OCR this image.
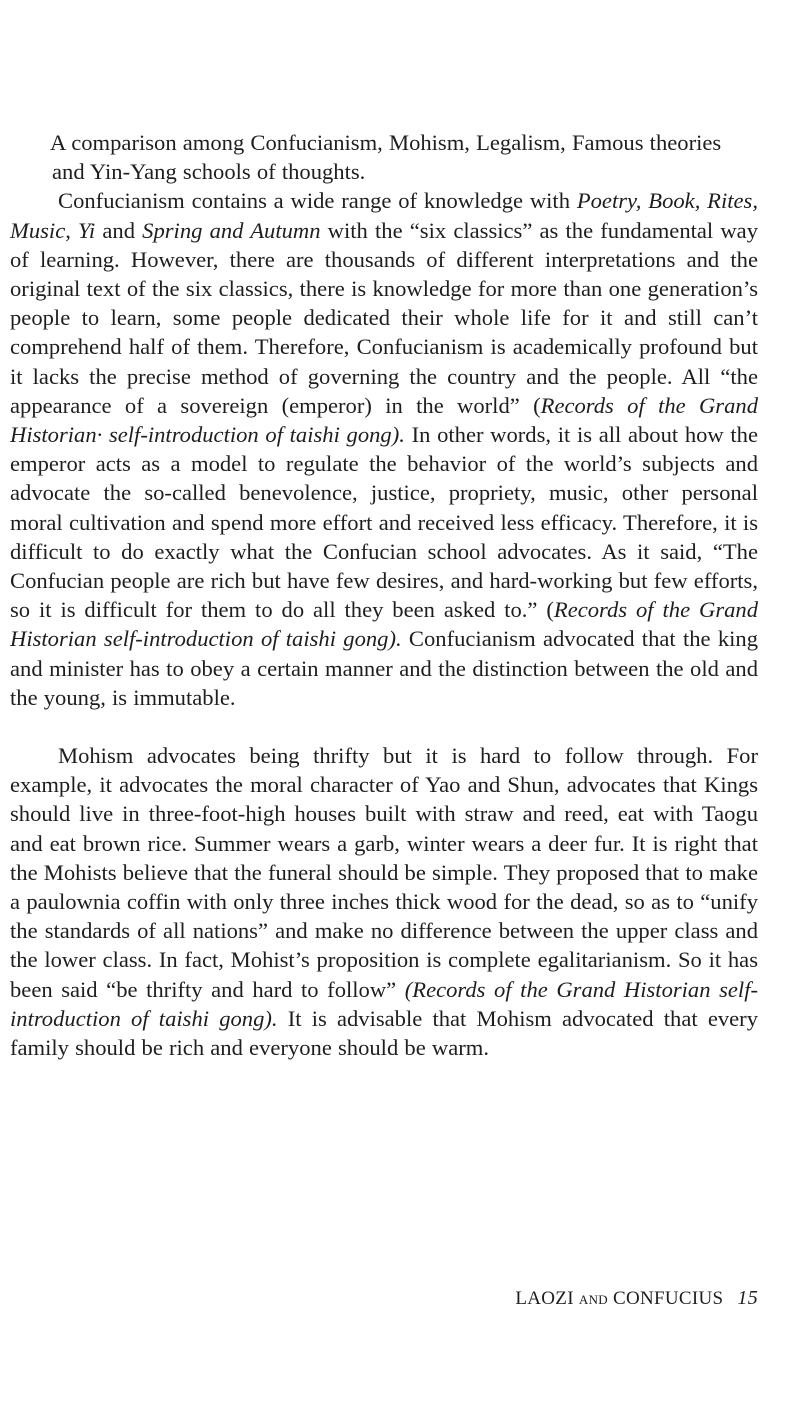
A comparison among Confucianism, Mohism, Legalism, Famous theories and Yin-Yang schools of thoughts.

Confucianism contains a wide range of knowledge with Poetry, Book, Rites, Music, Yi and Spring and Autumn with the “six classics” as the fundamental way of learning. However, there are thousands of different interpretations and the original text of the six classics, there is knowledge for more than one generation’s people to learn, some people dedicated their whole life for it and still can’t comprehend half of them. Therefore, Confucianism is academically profound but it lacks the precise method of governing the country and the people. All “the appearance of a sovereign (emperor) in the world” (Records of the Grand Historian· self-introduction of taishi gong). In other words, it is all about how the emperor acts as a model to regulate the behavior of the world’s subjects and advocate the so-called benevolence, justice, propriety, music, other personal moral cultivation and spend more effort and received less efficacy. Therefore, it is difficult to do exactly what the Confucian school advocates. As it said, “The Confucian people are rich but have few desires, and hard-working but few efforts, so it is difficult for them to do all they been asked to.” (Records of the Grand Historian self-introduction of taishi gong). Confucianism advocated that the king and minister has to obey a certain manner and the distinction between the old and the young, is immutable.

Mohism advocates being thrifty but it is hard to follow through. For example, it advocates the moral character of Yao and Shun, advocates that Kings should live in three-foot-high houses built with straw and reed, eat with Taogu and eat brown rice. Summer wears a garb, winter wears a deer fur. It is right that the Mohists believe that the funeral should be simple. They proposed that to make a paulownia coffin with only three inches thick wood for the dead, so as to “unify the standards of all nations” and make no difference between the upper class and the lower class. In fact, Mohist’s proposition is complete egalitarianism. So it has been said “be thrifty and hard to follow” (Records of the Grand Historian self-introduction of taishi gong). It is advisable that Mohism advocated that every family should be rich and everyone should be warm.

LAOZI and CONFUCIUS 15
